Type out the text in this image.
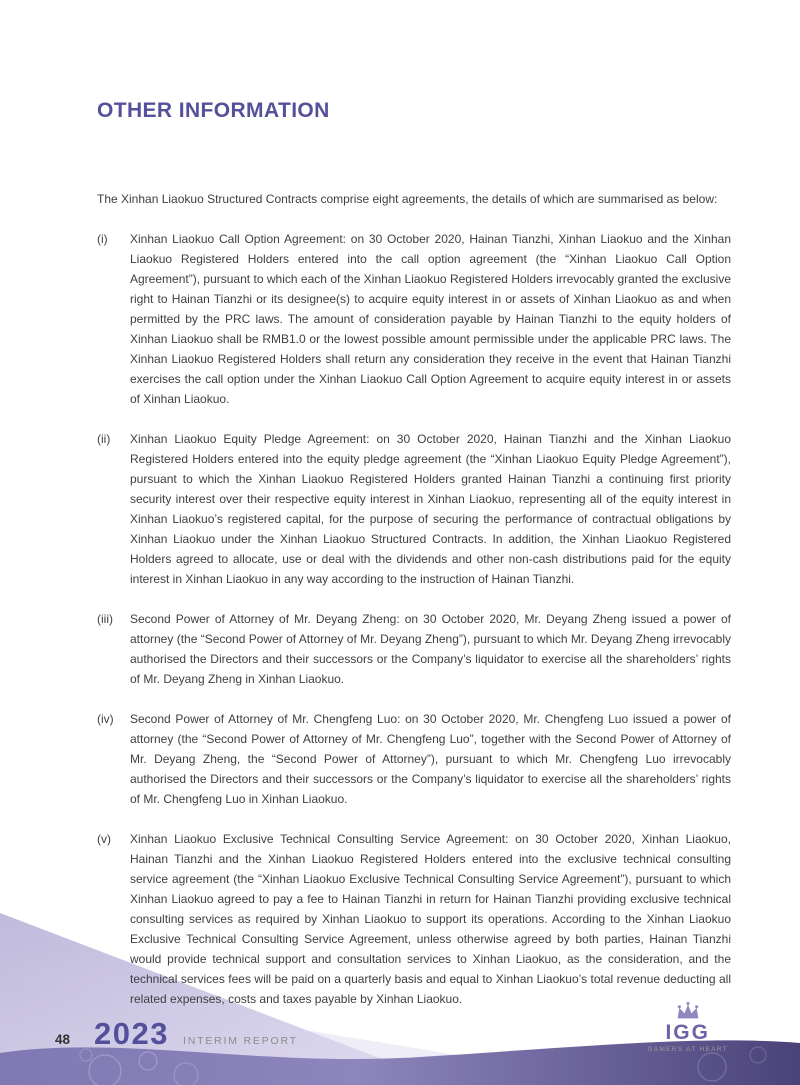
OTHER INFORMATION

The Xinhan Liaokuo Structured Contracts comprise eight agreements, the details of which are summarised as below:

(i)	Xinhan Liaokuo Call Option Agreement: on 30 October 2020, Hainan Tianzhi, Xinhan Liaokuo and the Xinhan Liaokuo Registered Holders entered into the call option agreement (the “Xinhan Liaokuo Call Option Agreement”), pursuant to which each of the Xinhan Liaokuo Registered Holders irrevocably granted the exclusive right to Hainan Tianzhi or its designee(s) to acquire equity interest in or assets of Xinhan Liaokuo as and when permitted by the PRC laws. The amount of consideration payable by Hainan Tianzhi to the equity holders of Xinhan Liaokuo shall be RMB1.0 or the lowest possible amount permissible under the applicable PRC laws. The Xinhan Liaokuo Registered Holders shall return any consideration they receive in the event that Hainan Tianzhi exercises the call option under the Xinhan Liaokuo Call Option Agreement to acquire equity interest in or assets of Xinhan Liaokuo.

(ii)	Xinhan Liaokuo Equity Pledge Agreement: on 30 October 2020, Hainan Tianzhi and the Xinhan Liaokuo Registered Holders entered into the equity pledge agreement (the “Xinhan Liaokuo Equity Pledge Agreement”), pursuant to which the Xinhan Liaokuo Registered Holders granted Hainan Tianzhi a continuing first priority security interest over their respective equity interest in Xinhan Liaokuo, representing all of the equity interest in Xinhan Liaokuo’s registered capital, for the purpose of securing the performance of contractual obligations by Xinhan Liaokuo under the Xinhan Liaokuo Structured Contracts. In addition, the Xinhan Liaokuo Registered Holders agreed to allocate, use or deal with the dividends and other non-cash distributions paid for the equity interest in Xinhan Liaokuo in any way according to the instruction of Hainan Tianzhi.

(iii)	Second Power of Attorney of Mr. Deyang Zheng: on 30 October 2020, Mr. Deyang Zheng issued a power of attorney (the “Second Power of Attorney of Mr. Deyang Zheng”), pursuant to which Mr. Deyang Zheng irrevocably authorised the Directors and their successors or the Company’s liquidator to exercise all the shareholders’ rights of Mr. Deyang Zheng in Xinhan Liaokuo.

(iv)	Second Power of Attorney of Mr. Chengfeng Luo: on 30 October 2020, Mr. Chengfeng Luo issued a power of attorney (the “Second Power of Attorney of Mr. Chengfeng Luo”, together with the Second Power of Attorney of Mr. Deyang Zheng, the “Second Power of Attorney”), pursuant to which Mr. Chengfeng Luo irrevocably authorised the Directors and their successors or the Company’s liquidator to exercise all the shareholders’ rights of Mr. Chengfeng Luo in Xinhan Liaokuo.

(v)	Xinhan Liaokuo Exclusive Technical Consulting Service Agreement: on 30 October 2020, Xinhan Liaokuo, Hainan Tianzhi and the Xinhan Liaokuo Registered Holders entered into the exclusive technical consulting service agreement (the “Xinhan Liaokuo Exclusive Technical Consulting Service Agreement”), pursuant to which Xinhan Liaokuo agreed to pay a fee to Hainan Tianzhi in return for Hainan Tianzhi providing exclusive technical consulting services as required by Xinhan Liaokuo to support its operations. According to the Xinhan Liaokuo Exclusive Technical Consulting Service Agreement, unless otherwise agreed by both parties, Hainan Tianzhi would provide technical support and consultation services to Xinhan Liaokuo, as the consideration, and the technical services fees will be paid on a quarterly basis and equal to Xinhan Liaokuo’s total revenue deducting all related expenses, costs and taxes payable by Xinhan Liaokuo.

48 2023 INTERIM REPORT	IGG
GAMERS AT HEART
